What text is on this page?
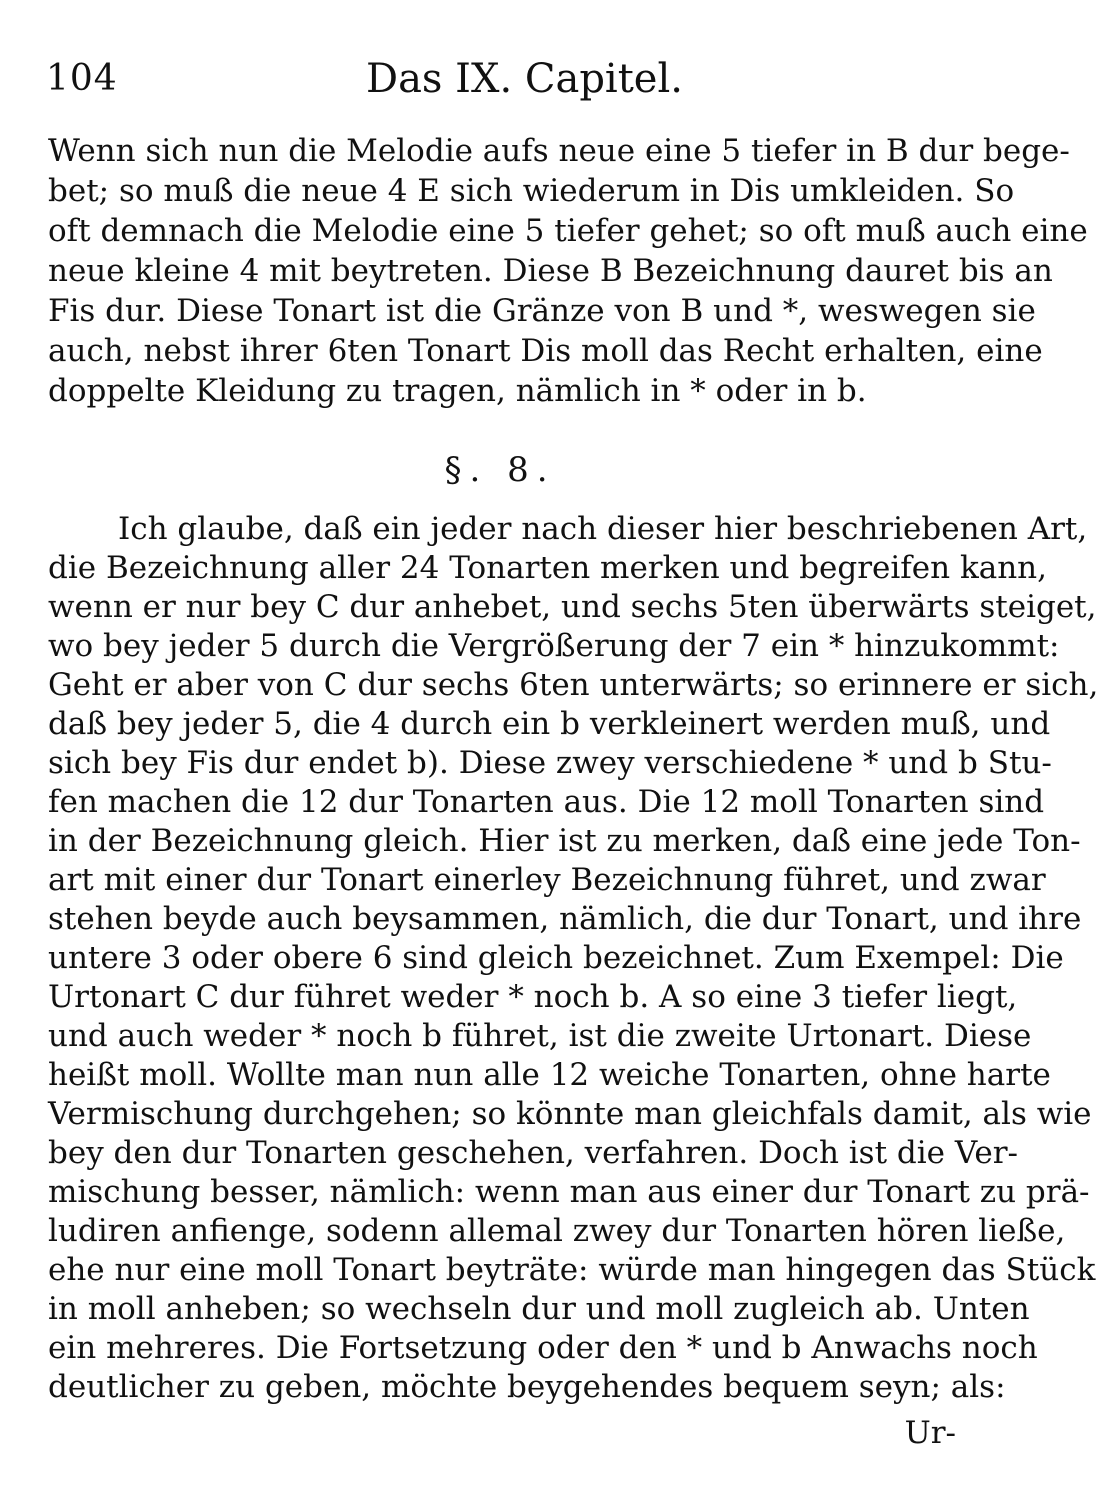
104	Das IX. Capitel.
Wenn sich nun die Melodie aufs neue eine 5 tiefer in B dur bege-
bet; so muß die neue 4 E sich wiederum in Dis umkleiden. So
oft demnach die Melodie eine 5 tiefer gehet; so oft muß auch eine
neue kleine 4 mit beytreten. Diese B Bezeichnung dauret bis an
Fis dur. Diese Tonart ist die Gränze von B und *, weswegen sie
auch, nebst ihrer 6ten Tonart Dis moll das Recht erhalten, eine
doppelte Kleidung zu tragen, nämlich in * oder in b.
§. 8.
Ich glaube, daß ein jeder nach dieser hier beschriebenen Art,
die Bezeichnung aller 24 Tonarten merken und begreifen kann,
wenn er nur bey C dur anhebet, und sechs 5ten überwärts steiget,
wo bey jeder 5 durch die Vergrößerung der 7 ein * hinzukommt:
Geht er aber von C dur sechs 6ten unterwärts; so erinnere er sich,
daß bey jeder 5, die 4 durch ein b verkleinert werden muß, und
sich bey Fis dur endet b). Diese zwey verschiedene * und b Stu-
fen machen die 12 dur Tonarten aus. Die 12 moll Tonarten sind
in der Bezeichnung gleich. Hier ist zu merken, daß eine jede Ton-
art mit einer dur Tonart einerley Bezeichnung führet, und zwar
stehen beyde auch beysammen, nämlich, die dur Tonart, und ihre
untere 3 oder obere 6 sind gleich bezeichnet. Zum Exempel: Die
Urtonart C dur führet weder * noch b. A so eine 3 tiefer liegt,
und auch weder * noch b führet, ist die zweite Urtonart. Diese
heißt moll. Wollte man nun alle 12 weiche Tonarten, ohne harte
Vermischung durchgehen; so könnte man gleichfals damit, als wie
bey den dur Tonarten geschehen, verfahren. Doch ist die Ver-
mischung besser, nämlich: wenn man aus einer dur Tonart zu prä-
ludiren anfienge, sodenn allemal zwey dur Tonarten hören ließe,
ehe nur eine moll Tonart beyträte: würde man hingegen das Stück
in moll anheben; so wechseln dur und moll zugleich ab. Unten
ein mehreres. Die Fortsetzung oder den * und b Anwachs noch
deutlicher zu geben, möchte beygehendes bequem seyn; als:
Ur-
